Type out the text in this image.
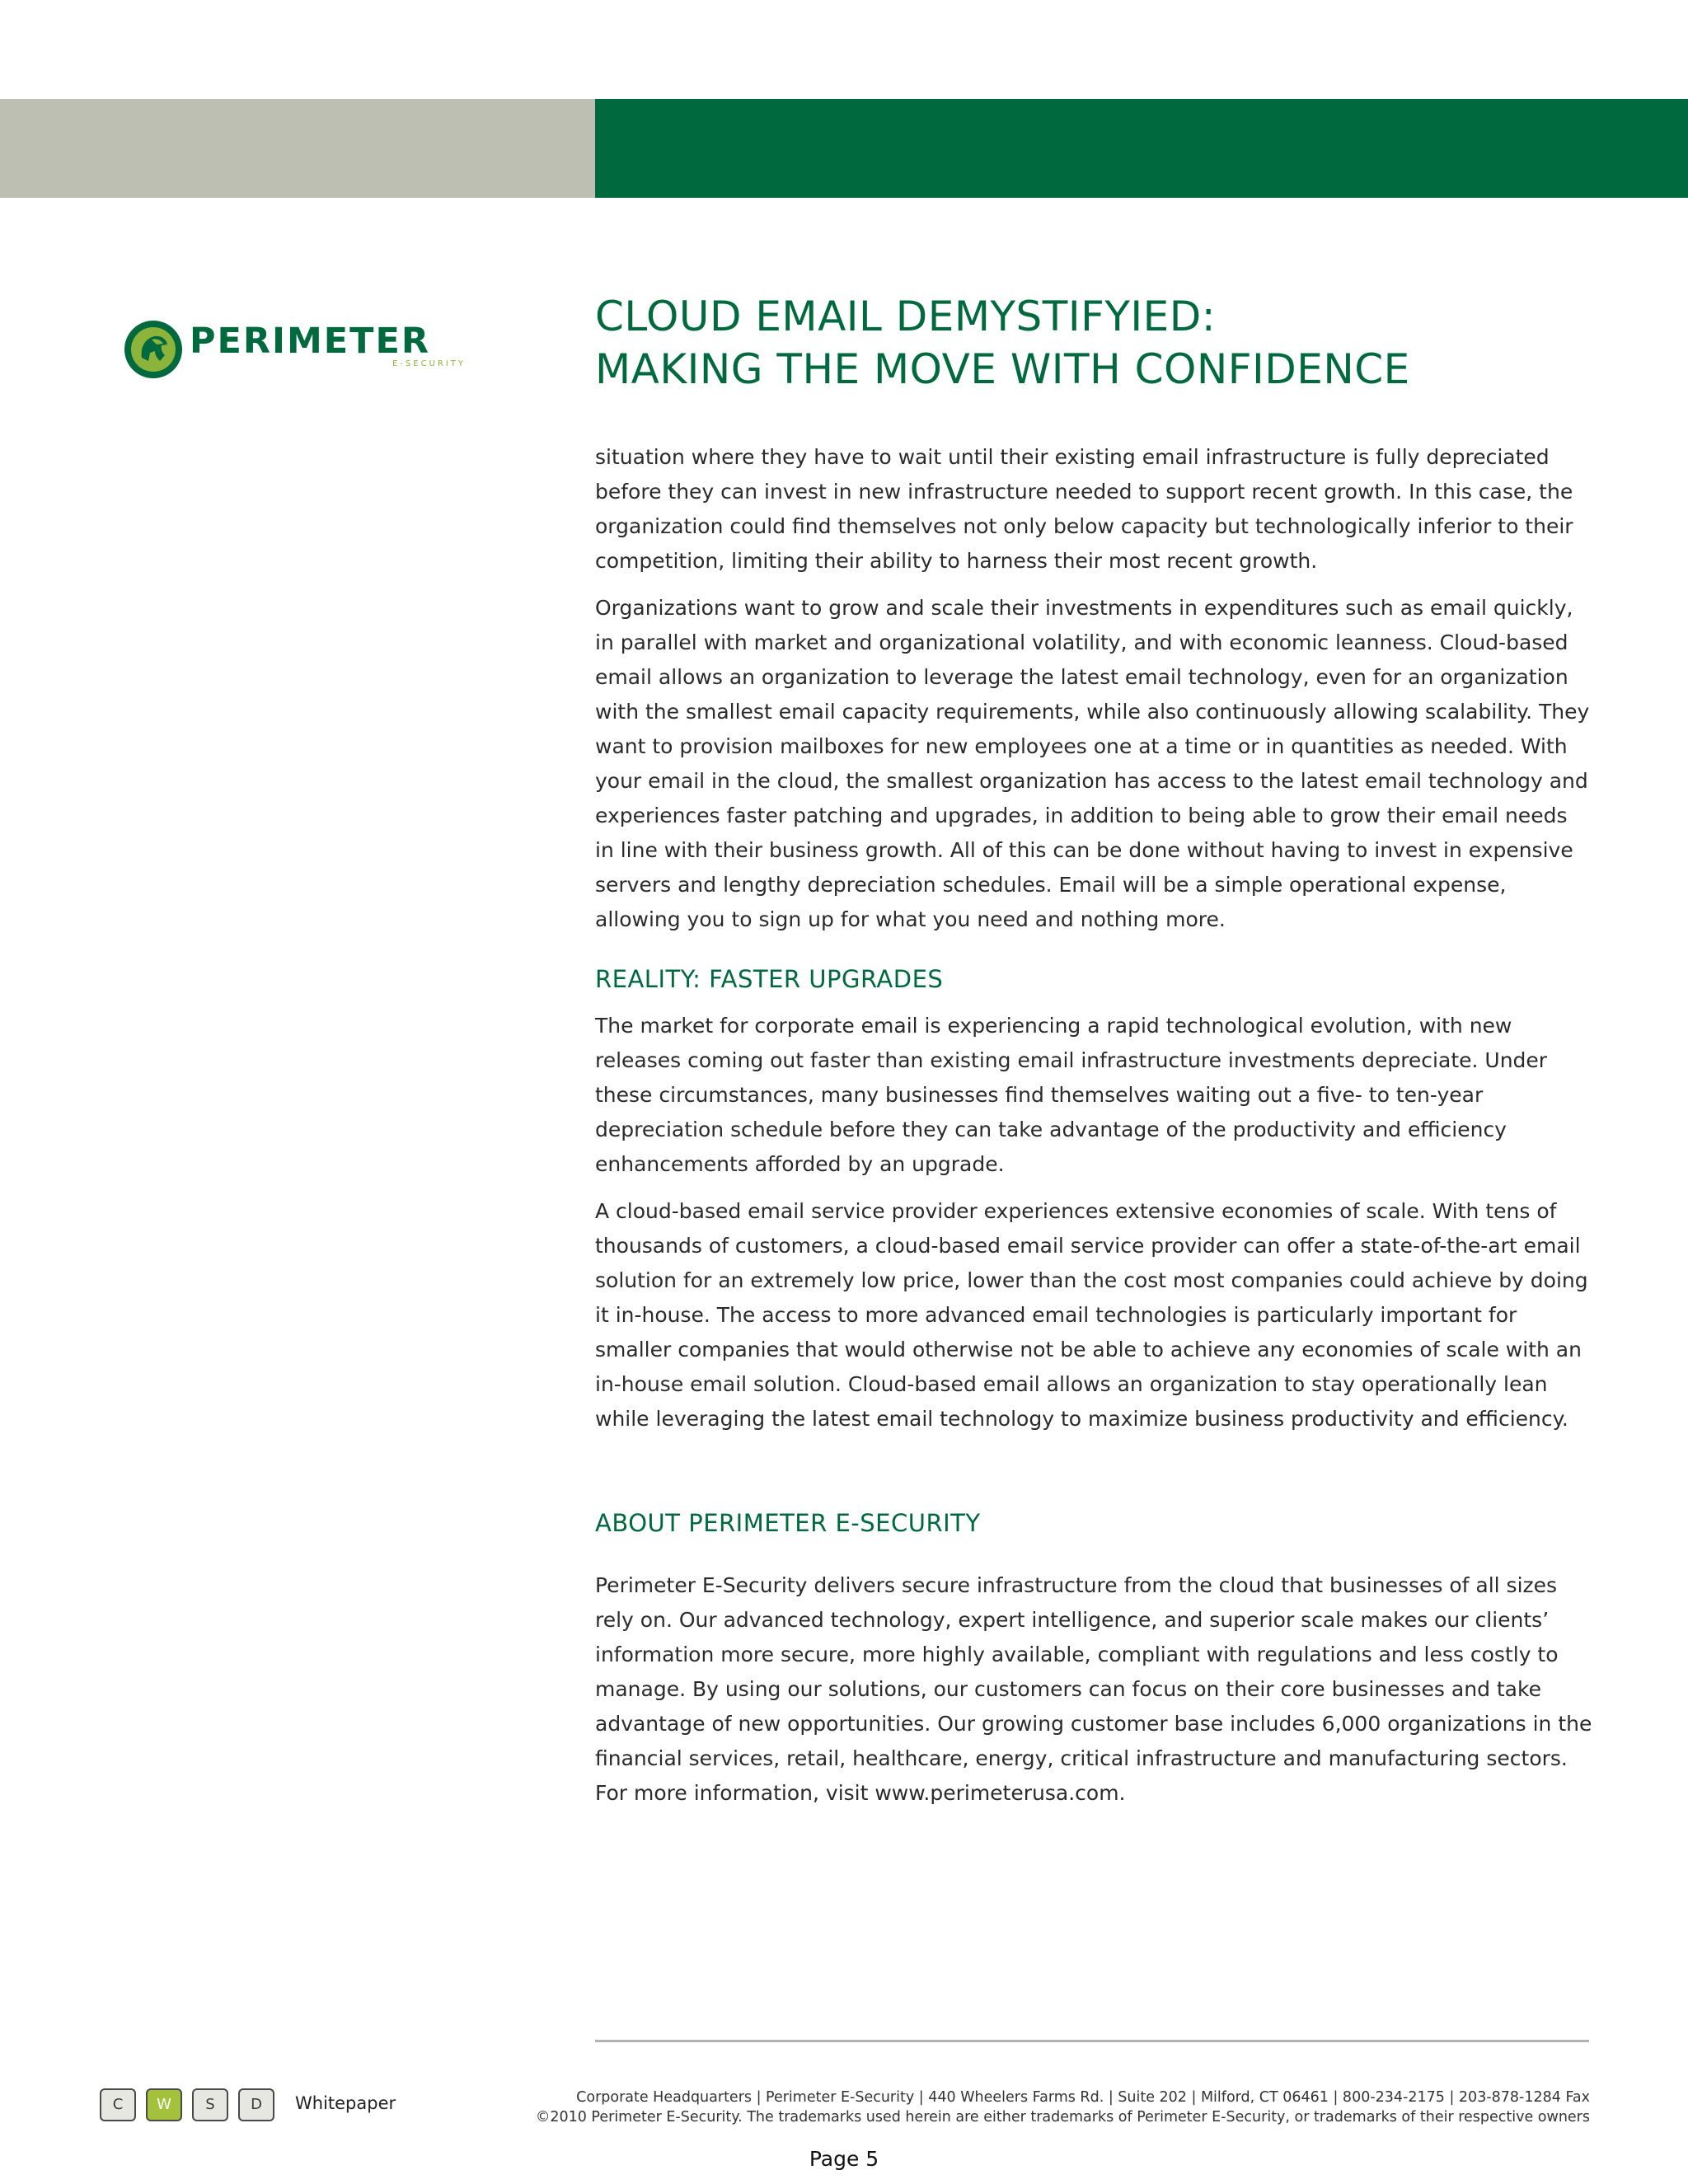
PERIMETER
E-SECURITY
CLOUD EMAIL DEMYSTIFYIED:
MAKING THE MOVE WITH CONFIDENCE

situation where they have to wait until their existing email infrastructure is fully depreciated before they can invest in new infrastructure needed to support recent growth. In this case, the organization could find themselves not only below capacity but technologically inferior to their competition, limiting their ability to harness their most recent growth.

Organizations want to grow and scale their investments in expenditures such as email quickly, in parallel with market and organizational volatility, and with economic leanness. Cloud-based email allows an organization to leverage the latest email technology, even for an organization with the smallest email capacity requirements, while also continuously allowing scalability. They want to provision mailboxes for new employees one at a time or in quantities as needed. With your email in the cloud, the smallest organization has access to the latest email technology and experiences faster patching and upgrades, in addition to being able to grow their email needs in line with their business growth. All of this can be done without having to invest in expensive servers and lengthy depreciation schedules. Email will be a simple operational expense, allowing you to sign up for what you need and nothing more.

REALITY: FASTER UPGRADES

The market for corporate email is experiencing a rapid technological evolution, with new releases coming out faster than existing email infrastructure investments depreciate. Under these circumstances, many businesses find themselves waiting out a five- to ten-year depreciation schedule before they can take advantage of the productivity and efficiency enhancements afforded by an upgrade.

A cloud-based email service provider experiences extensive economies of scale. With tens of thousands of customers, a cloud-based email service provider can offer a state-of-the-art email solution for an extremely low price, lower than the cost most companies could achieve by doing it in-house. The access to more advanced email technologies is particularly important for smaller companies that would otherwise not be able to achieve any economies of scale with an in-house email solution. Cloud-based email allows an organization to stay operationally lean while leveraging the latest email technology to maximize business productivity and efficiency.

ABOUT PERIMETER E-SECURITY

Perimeter E-Security delivers secure infrastructure from the cloud that businesses of all sizes rely on. Our advanced technology, expert intelligence, and superior scale makes our clients’ information more secure, more highly available, compliant with regulations and less costly to manage. By using our solutions, our customers can focus on their core businesses and take advantage of new opportunities. Our growing customer base includes 6,000 organizations in the financial services, retail, healthcare, energy, critical infrastructure and manufacturing sectors. For more information, visit www.perimeterusa.com.

C	W	S	D	Whitepaper	Corporate Headquarters | Perimeter E-Security | 440 Wheelers Farms Rd. | Suite 202 | Milford, CT 06461 | 800-234-2175 | 203-878-1284 Fax
©2010 Perimeter E-Security. The trademarks used herein are either trademarks of Perimeter E-Security, or trademarks of their respective owners
Page 5
